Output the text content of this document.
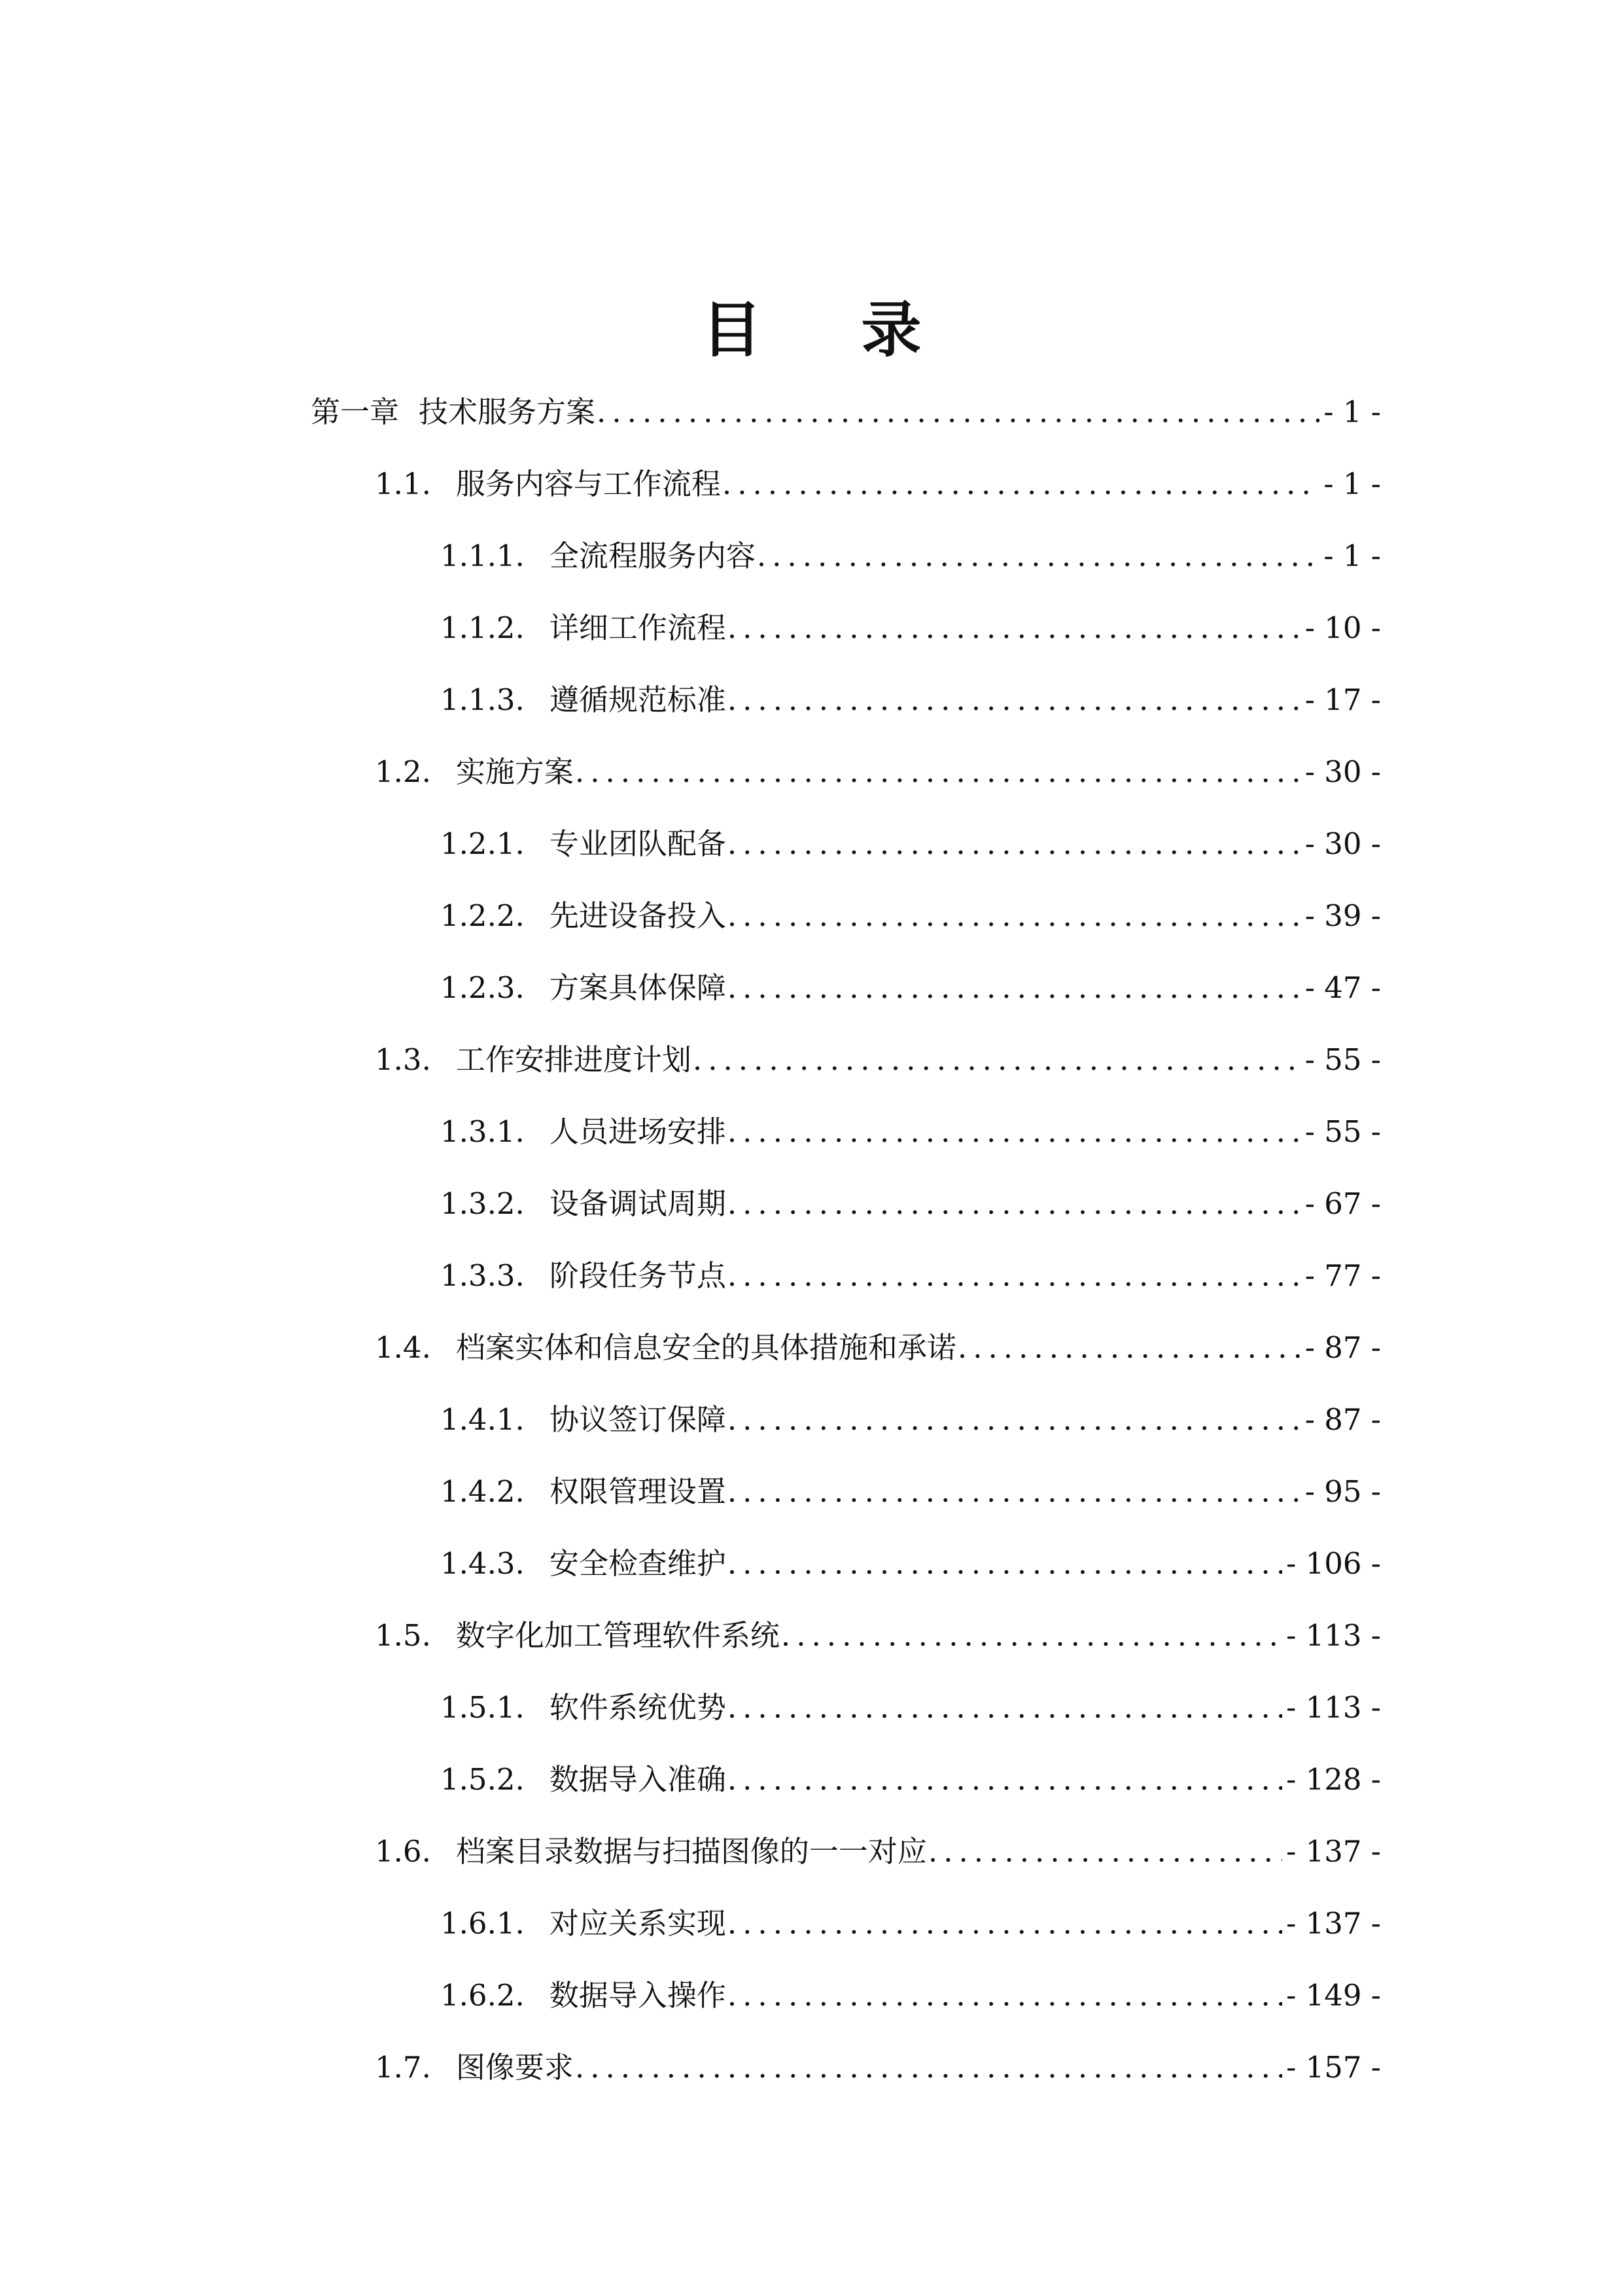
目 录
第一章 技术服务方案 .....	- 1 -
1.1. 服务内容与工作流程 .....	- 1 -
1.1.1. 全流程服务内容 .....	- 1 -
1.1.2. 详细工作流程 .....	- 10 -
1.1.3. 遵循规范标准 .....	- 17 -
1.2. 实施方案 .....	- 30 -
1.2.1. 专业团队配备 .....	- 30 -
1.2.2. 先进设备投入 .....	- 39 -
1.2.3. 方案具体保障 .....	- 47 -
1.3. 工作安排进度计划 .....	- 55 -
1.3.1. 人员进场安排 .....	- 55 -
1.3.2. 设备调试周期 .....	- 67 -
1.3.3. 阶段任务节点 .....	- 77 -
1.4. 档案实体和信息安全的具体措施和承诺 .....	- 87 -
1.4.1. 协议签订保障 .....	- 87 -
1.4.2. 权限管理设置 .....	- 95 -
1.4.3. 安全检查维护 .....	- 106 -
1.5. 数字化加工管理软件系统 .....	- 113 -
1.5.1. 软件系统优势 .....	- 113 -
1.5.2. 数据导入准确 .....	- 128 -
1.6. 档案目录数据与扫描图像的一一对应 .....	- 137 -
1.6.1. 对应关系实现 .....	- 137 -
1.6.2. 数据导入操作 .....	- 149 -
1.7. 图像要求 .....	- 157 -
